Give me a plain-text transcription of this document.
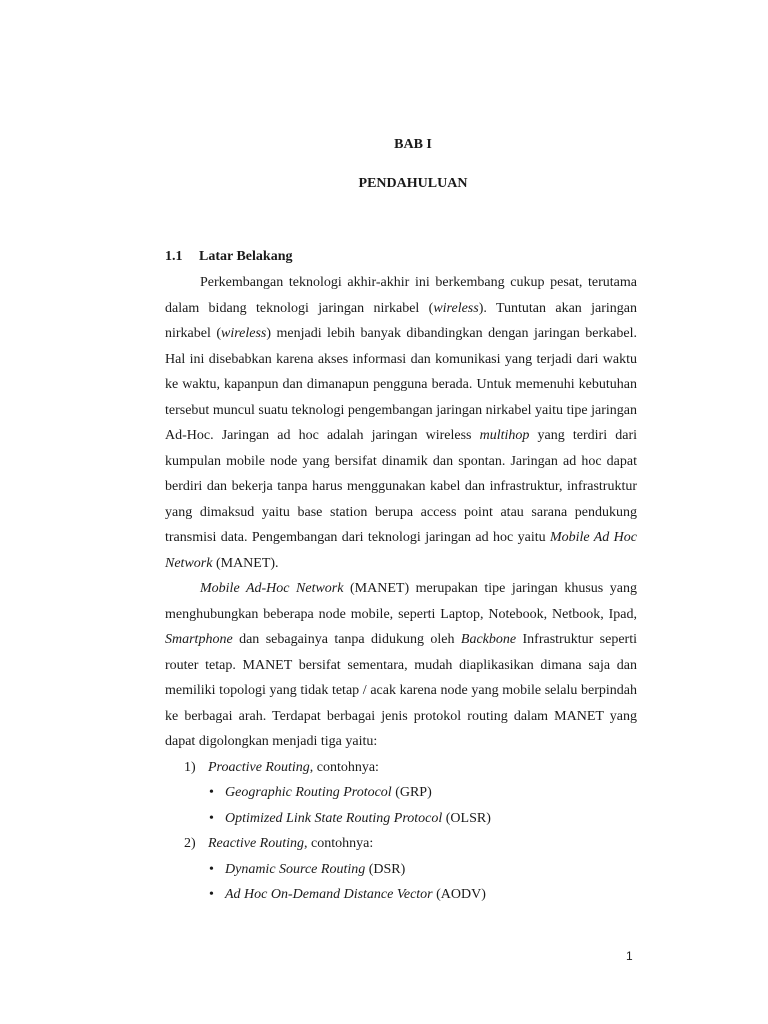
BAB I
PENDAHULUAN
1.1 Latar Belakang

Perkembangan teknologi akhir-akhir ini berkembang cukup pesat, terutama dalam bidang teknologi jaringan nirkabel (wireless). Tuntutan akan jaringan nirkabel (wireless) menjadi lebih banyak dibandingkan dengan jaringan berkabel. Hal ini disebabkan karena akses informasi dan komunikasi yang terjadi dari waktu ke waktu, kapanpun dan dimanapun pengguna berada. Untuk memenuhi kebutuhan tersebut muncul suatu teknologi pengembangan jaringan nirkabel yaitu tipe jaringan Ad-Hoc. Jaringan ad hoc adalah jaringan wireless multihop yang terdiri dari kumpulan mobile node yang bersifat dinamik dan spontan. Jaringan ad hoc dapat berdiri dan bekerja tanpa harus menggunakan kabel dan infrastruktur, infrastruktur yang dimaksud yaitu base station berupa access point atau sarana pendukung transmisi data. Pengembangan dari teknologi jaringan ad hoc yaitu Mobile Ad Hoc Network (MANET).

Mobile Ad-Hoc Network (MANET) merupakan tipe jaringan khusus yang menghubungkan beberapa node mobile, seperti Laptop, Notebook, Netbook, Ipad, Smartphone dan sebagainya tanpa didukung oleh Backbone Infrastruktur seperti router tetap. MANET bersifat sementara, mudah diaplikasikan dimana saja dan memiliki topologi yang tidak tetap / acak karena node yang mobile selalu berpindah ke berbagai arah. Terdapat berbagai jenis protokol routing dalam MANET yang dapat digolongkan menjadi tiga yaitu:

1) Proactive Routing, contohnya:
• Geographic Routing Protocol (GRP)
• Optimized Link State Routing Protocol (OLSR)
2) Reactive Routing, contohnya:
• Dynamic Source Routing (DSR)
• Ad Hoc On-Demand Distance Vector (AODV)
1
